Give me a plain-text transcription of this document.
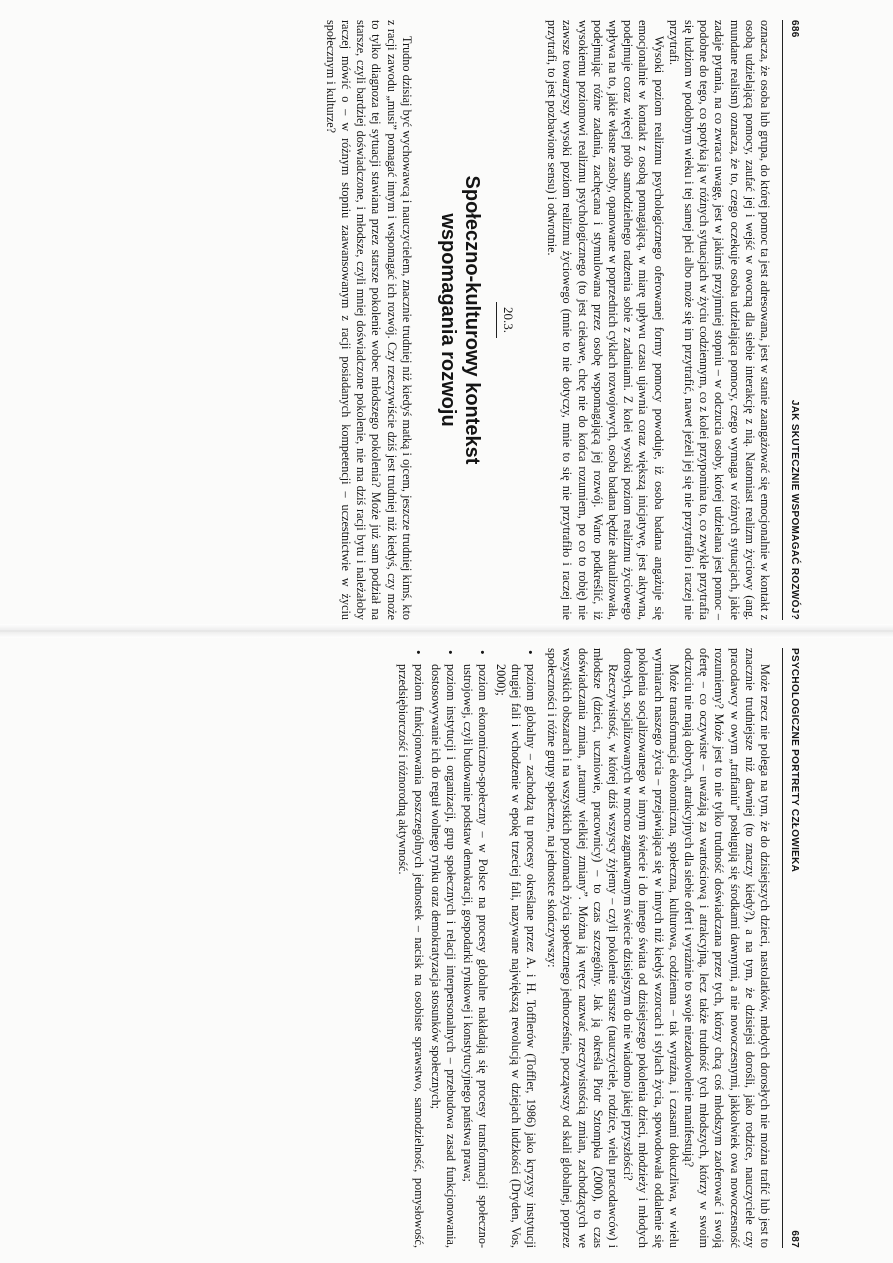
686
JAK SKUTECZNIE WSPOMAGAĆ ROZWÓJ?

oznacza, że osoba lub grupa, do której pomoc ta jest adresowana, jest w stanie zaangażować się emocjonalnie w kontakt z osobą udzielającą pomocy, zaufać jej i wejść w owocną dla siebie interakcję z nią. Natomiast realizm życiowy (ang. mundane realism) oznacza, że to, czego oczekuje osoba udzielająca pomocy, czego wymaga w różnych sytuacjach, jakie zadaje pytania, na co zwraca uwagę, jest w jakimś przyjmniej stopniu – w odczucia osoby, której udzielana jest pomoc – podobne do tego, co spotyka ją w różnych sytuacjach w życiu codziennym, co z kolei przypomina to, co zwykle przytrafia się ludziom w podobnym wieku i tej samej płci albo może się im przytrafić, nawet jeżeli jej się nie przytrafiło i raczej nie przytrafi.

Wysoki poziom realizmu psychologicznego oferowanej formy pomocy powoduje, iż osoba badana angażuje się emocjonalnie w kontakt z osobą pomagającą, w miarę upływu czasu ujawnia coraz większą inicjatywę, jest aktywna, podejmuje coraz więcej prób samodzielnego radzenia sobie z zadaniami. Z kolei wysoki poziom realizmu życiowego wpływa na to, jakie własne zasoby, opanowane w poprzednich cyklach rozwojowych, osoba badana będzie aktualizowała, podejmując różne zadania, zachęcana i stymulowana przez osobę wspomagającą jej rozwój. Warto podkreślić, iż wysokiemu poziomowi realizmu psychologicznego (to jest ciekawe, chcę nie do końca rozumiem, po co to robię) nie zawsze towarzyszy wysoki poziom realizmu życiowego (mnie to nie dotyczy, mnie to się nie przytrafiło i raczej nie przytrafi, to jest pozbawione sensu) i odwrotnie.

20.3.
Społeczno-kulturowy kontekst
wspomagania rozwoju

Trudno dzisiaj być wychowawcą i nauczycielem, znacznie trudniej niż kiedyś matką i ojcem, jeszcze trudniej kimś, kto z racji zawodu „musi” pomagać innym i wspomagać ich rozwój. Czy rzeczywiście dziś jest trudniej niż kiedyś, czy może to tylko diagnoza tej sytuacji stawiana przez starsze pokolenie wobec młodszego pokolenia? Może już sam podział na starsze, czyli bardziej doświadczone, i młodsze, czyli mniej doświadczone pokolenie, nie ma dziś racji bytu i należałoby raczej mówić o – w różnym stopniu zaawansowanym z racji posiadanych kompetencji – uczestnictwie w życiu społecznym i kulturze?

PSYCHOLOGICZNE PORTRETY CZŁOWIEKA
687

Może rzecz nie polega na tym, że do dzisiejszych dzieci, nastolatków, młodych dorosłych nie można trafić lub jest to znacznie trudniejsze niż dawniej (to znaczy kiedy?), a na tym, że dzisiejsi dorośli, jako rodzice, nauczyciele czy pracodawcy w owym „trafianiu” posługują się środkami dawnymi, a nie nowoczesnymi, jakkolwiek owa nowoczesność rozumiemy? Może jest to nie tylko trudność doświadczana przez tych, którzy chcą coś młodszym zaoferować i swoją ofertę – co oczywiste – uważają za wartościową i atrakcyjną, lecz także trudność tych młodszych, którzy w swoim odczuciu nie mają dobrych, atrakcyjnych dla siebie ofert i wyrażnie to swoje niezadowolenie manifestują?

Może transformacja ekonomiczna, społeczna, kulturowa, codzienna – tak wyraźna, i czasami dokuczliwa, w wielu wymiarach naszego życia – przejawiająca się w innych niż kiedyś wzorcach i stylach życia, spowodowała oddalenie się pokolenia socjalizowanego w innym świecie i do innego świata od dzisiejszego pokolenia dzieci, młodzieży i młodych dorosłych, socjalizowanych w mocno zagmatwanym świecie dzisiejszym do nie wiadomo jakiej przyszłości?

Rzeczywistość, w której dziś wszyscy żyjemy – czyli pokolenie starsze (nauczyciele, rodzice, wielu pracodawców) i młodsze (dzieci, uczniowie, pracownicy) – to czas szczególny. Jak ją określa Piotr Sztompka (2000), to czas doświadczania zmian, „traumy wielkiej zmiany”. Można ją wręcz nazwać rzeczywistością zmian, zachodzących we wszystkich obszarach i na wszystkich poziomach życia społecznego jednocześnie, począwszy od skali globalnej, poprzez społeczności i różne grupy społeczne, na jednostce skończywszy:

• poziom globalny – zachodzą tu procesy określane przez A. i H. Tofflerów (Toffler, 1986) jako kryzysy instytucji drugiej fali i wchodzenie w epokę trzeciej fali, nazywane największą rewolucją w dziejach ludzkości (Dryden, Vos, 2000);
• poziom ekonomiczno-społeczny – w Polsce na procesy globalne nakładają się procesy transformacji społeczno-ustrojowej, czyli budowanie podstaw demokracji, gospodarki rynkowej i konstytucyjnego państwa prawa;
• poziom instytucji i organizacji, grup społecznych i relacji interpersonalnych – przebudowa zasad funkcjonowania, dostosowywanie ich do reguł wolnego rynku oraz demokratyzacja stosunków społecznych;
• poziom funkcjonowania poszczególnych jednostek – nacisk na osobiste sprawstwo, samodzielność, pomysłowość, przedsiębiorczość i różnorodną aktywność.
